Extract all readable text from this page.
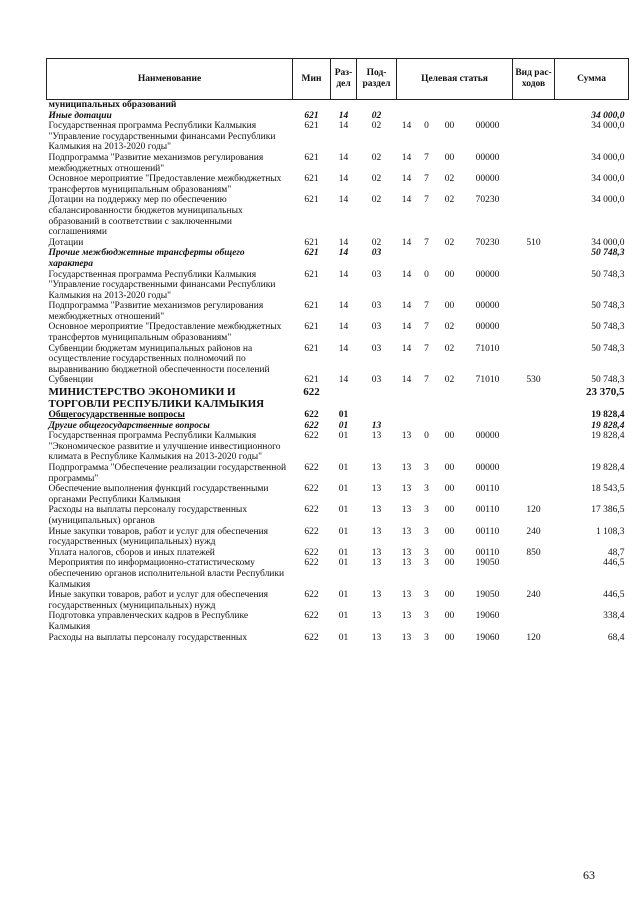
Наименование	Мин	Раз-дел	Под-раздел	Целевая статья				Вид рас-ходов	Сумма
муниципальных образований									
Иные дотации	621	14	02						34 000,0
Государственная программа Республики Калмыкия "Управление государственными финансами Республики Калмыкия на 2013-2020 годы"	621	14	02	14	0	00	00000		34 000,0
Подпрограмма "Развитие механизмов регулирования межбюджетных отношений"	621	14	02	14	7	00	00000		34 000,0
Основное мероприятие "Предоставление межбюджетных трансфертов муниципальным образованиям"	621	14	02	14	7	02	00000		34 000,0
Дотации на поддержку мер по обеспечению сбалансированности бюджетов муниципальных образований в соответствии с заключенными соглашениями	621	14	02	14	7	02	70230		34 000,0
Дотации	621	14	02	14	7	02	70230	510	34 000,0
Прочие межбюджетные трансферты общего характера	621	14	03						50 748,3
Государственная программа Республики Калмыкия "Управление государственными финансами Республики Калмыкия на 2013-2020 годы"	621	14	03	14	0	00	00000		50 748,3
Подпрограмма "Развитие механизмов регулирования межбюджетных отношений"	621	14	03	14	7	00	00000		50 748,3
Основное мероприятие "Предоставление межбюджетных трансфертов муниципальным образованиям"	621	14	03	14	7	02	00000		50 748,3
Субвенции бюджетам муниципальных районов на осуществление государственных полномочий по выравниванию бюджетной обеспеченности поселений	621	14	03	14	7	02	71010		50 748,3
Субвенции	621	14	03	14	7	02	71010	530	50 748,3
МИНИСТЕРСТВО ЭКОНОМИКИ И ТОРГОВЛИ РЕСПУБЛИКИ КАЛМЫКИЯ	622								23 370,5
Общегосударственные вопросы	622	01							19 828,4
Другие общегосударственные вопросы	622	01	13						19 828,4
Государственная программа Республики Калмыкия "Экономическое развитие и улучшение инвестиционного климата в Республике Калмыкия на 2013-2020 годы"	622	01	13	13	0	00	00000		19 828,4
Подпрограмма "Обеспечение реализации государственной программы"	622	01	13	13	3	00	00000		19 828,4
Обеспечение выполнения функций государственными органами Республики Калмыкия	622	01	13	13	3	00	00110		18 543,5
Расходы на выплаты персоналу государственных (муниципальных) органов	622	01	13	13	3	00	00110	120	17 386,5
Иные закупки товаров, работ и услуг для обеспечения государственных (муниципальных) нужд	622	01	13	13	3	00	00110	240	1 108,3
Уплата налогов, сборов и иных платежей	622	01	13	13	3	00	00110	850	48,7
Мероприятия по информационно-статистическому обеспечению органов исполнительной власти Республики Калмыкия	622	01	13	13	3	00	19050		446,5
Иные закупки товаров, работ и услуг для обеспечения государственных (муниципальных) нужд	622	01	13	13	3	00	19050	240	446,5
Подготовка управленческих кадров в Республике Калмыкия	622	01	13	13	3	00	19060		338,4
Расходы на выплаты персоналу государственных	622	01	13	13	3	00	19060	120	68,4
63
